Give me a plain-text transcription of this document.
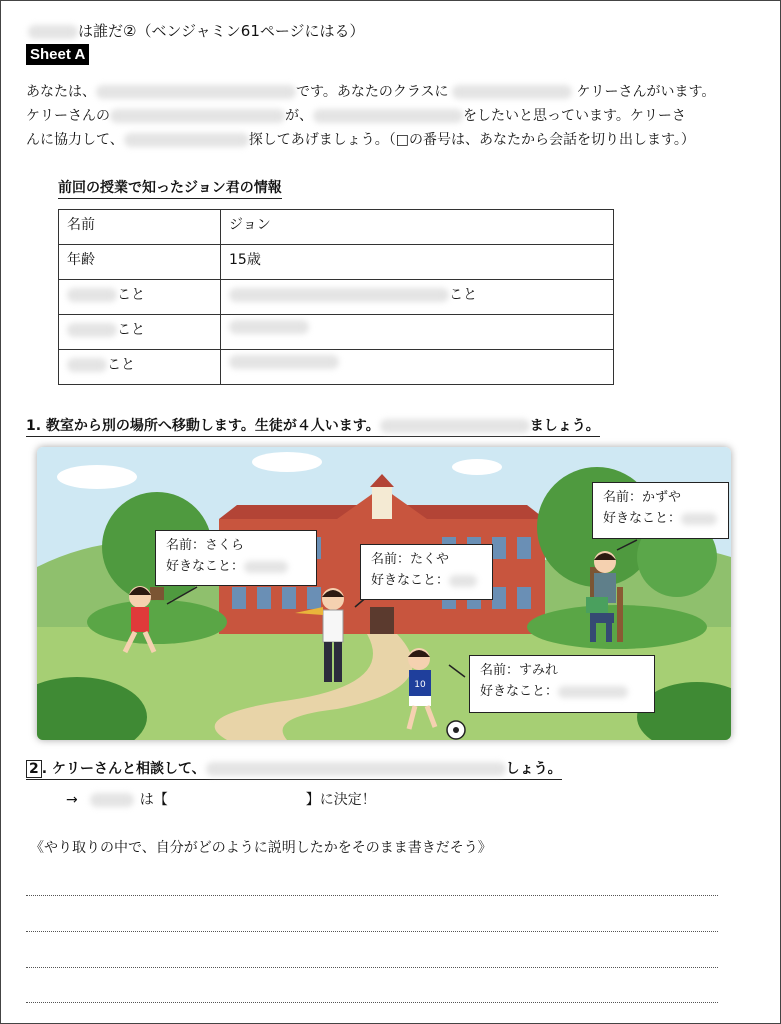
は誰だ②（ベンジャミン61ページにはる）
Sheet A
あなたは、	です。あなたのクラスに	ケリーさんがいます。
ケリーさんの	が、	をしたいと思っています。ケリーさ
んに協力して、	探してあげましょう。（□の番号は、あなたから会話を切り出します。）
前回の授業で知ったジョン君の情報
名前	ジョン
年齢	15歳
こと	こと
こと	
こと	
1. 教室から別の場所へ移動します。生徒が４人います。	ましょう。
10
名前：さくら
好きなこと：	名前：たくや
好きなこと：
名前：かずや
好きなこと：
名前：すみれ
好きなこと：
2 . ケリーさんと相談して、	しょう。
→	は【	】に決定！
《やり取りの中で、自分がどのように説明したかをそのまま書きだそう》
